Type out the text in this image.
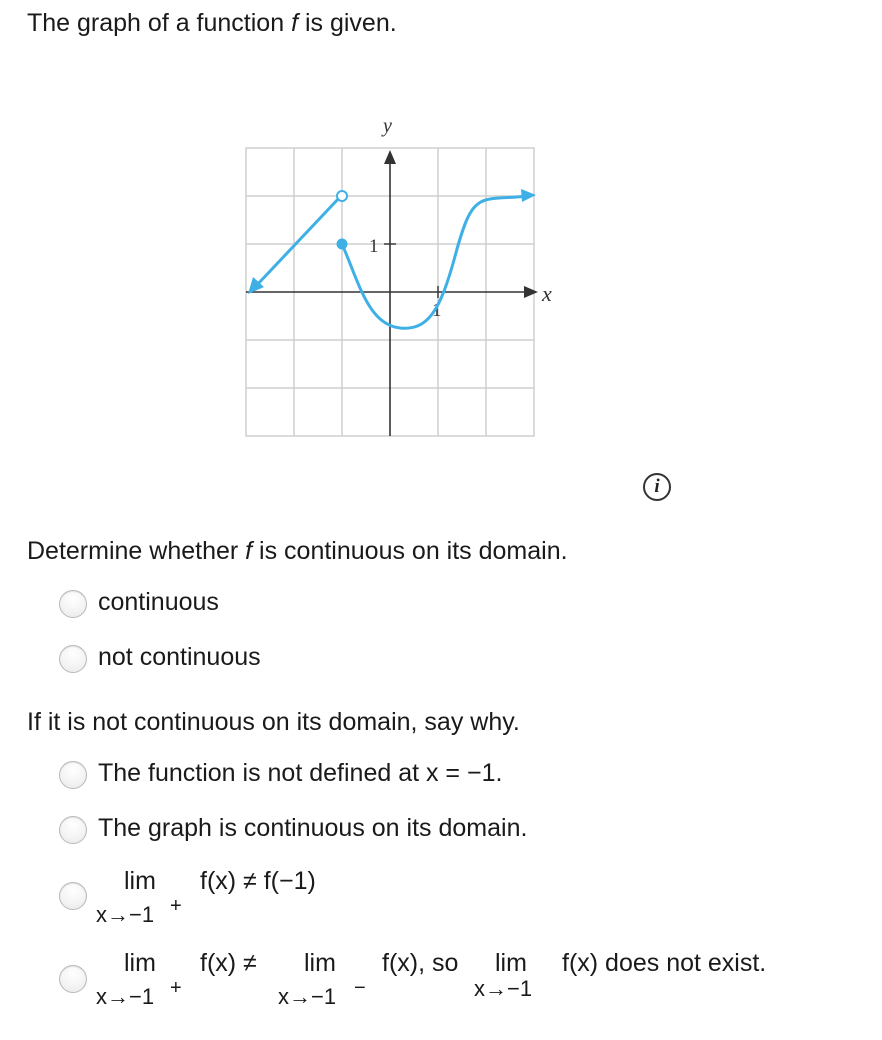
The graph of a function f is given.
y
x
1
1
i
Determine whether f is continuous on its domain.
continuous
not continuous
If it is not continuous on its domain, say why.
The function is not defined at x = −1.
The graph is continuous on its domain.
lim
x→−1 +
f(x) ≠ f(−1)
lim
x→−1 +
f(x) ≠ lim
x→−1 −
f(x), so lim
x→−1
f(x) does not exist.
